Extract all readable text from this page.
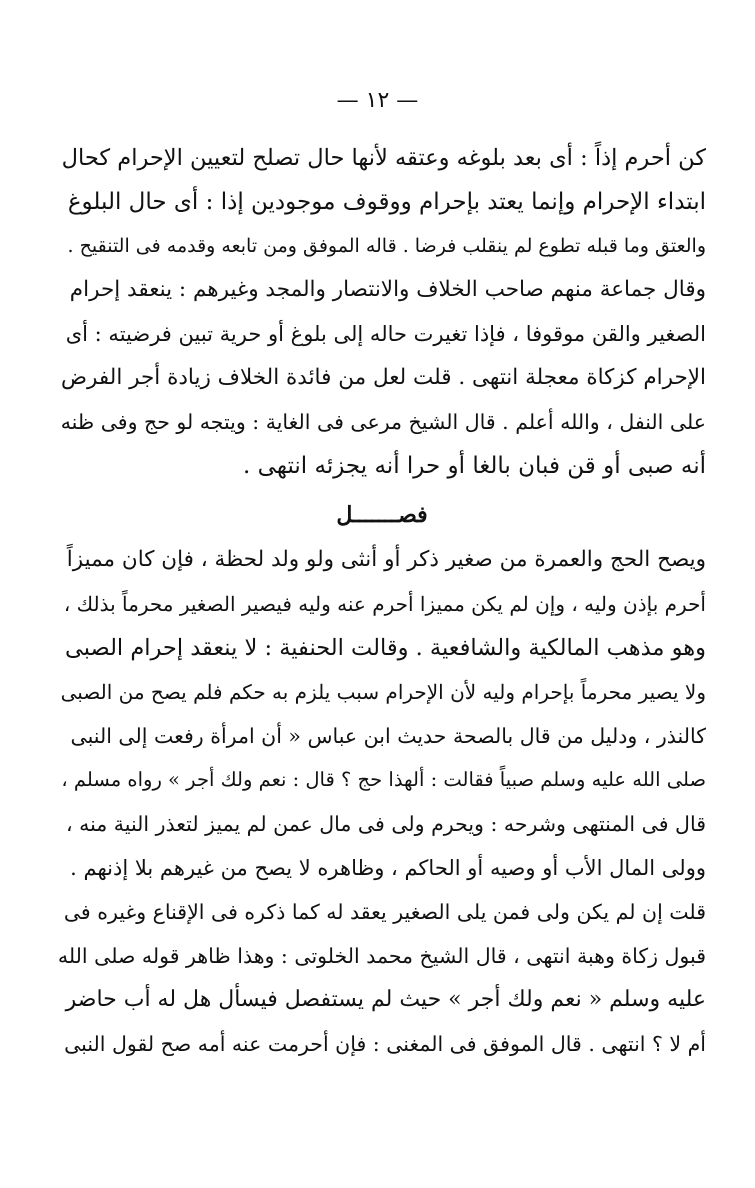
— ١٢ —
كن أحرم إذاً : أى بعد بلوغه وعتقه لأنها حال تصلح لتعيين الإحرام كحال
ابتداء الإحرام وإنما يعتد بإحرام ووقوف موجودين إذا : أى حال البلوغ
والعتق وما قبله تطوع لم ينقلب فرضا . قاله الموفق ومن تابعه وقدمه فى التنقيح .
وقال جماعة منهم صاحب الخلاف والانتصار والمجد وغيرهم : ينعقد إحرام
الصغير والقن موقوفا ، فإذا تغيرت حاله إلى بلوغ أو حرية تبين فرضيته : أى
الإحرام كزكاة معجلة انتهى . قلت لعل من فائدة الخلاف زيادة أجر الفرض
على النفل ، والله أعلم . قال الشيخ مرعى فى الغاية : ويتجه لو حج وفى ظنه
أنه صبى أو قن فبان بالغا أو حرا أنه يجزئه انتهى .
فصـــــــل
ويصح الحج والعمرة من صغير ذكر أو أنثى ولو ولد لحظة ، فإن كان مميزاً
أحرم بإذن وليه ، وإن لم يكن مميزا أحرم عنه وليه فيصير الصغير محرماً بذلك ،
وهو مذهب المالكية والشافعية . وقالت الحنفية : لا ينعقد إحرام الصبى
ولا يصير محرماً بإحرام وليه لأن الإحرام سبب يلزم به حكم فلم يصح من الصبى
كالنذر ، ودليل من قال بالصحة حديث ابن عباس « أن امرأة رفعت إلى النبى
صلى الله عليه وسلم صبياً فقالت : ألهذا حج ؟ قال : نعم ولك أجر » رواه مسلم ،
قال فى المنتهى وشرحه : ويحرم ولى فى مال عمن لم يميز لتعذر النية منه ،
وولى المال الأب أو وصيه أو الحاكم ، وظاهره لا يصح من غيرهم بلا إذنهم .
قلت إن لم يكن ولى فمن يلى الصغير يعقد له كما ذكره فى الإقناع وغيره فى
قبول زكاة وهبة انتهى ، قال الشيخ محمد الخلوتى : وهذا ظاهر قوله صلى الله
عليه وسلم « نعم ولك أجر » حيث لم يستفصل فيسأل هل له أب حاضر
أم لا ؟ انتهى . قال الموفق فى المغنى : فإن أحرمت عنه أمه صح لقول النبى
